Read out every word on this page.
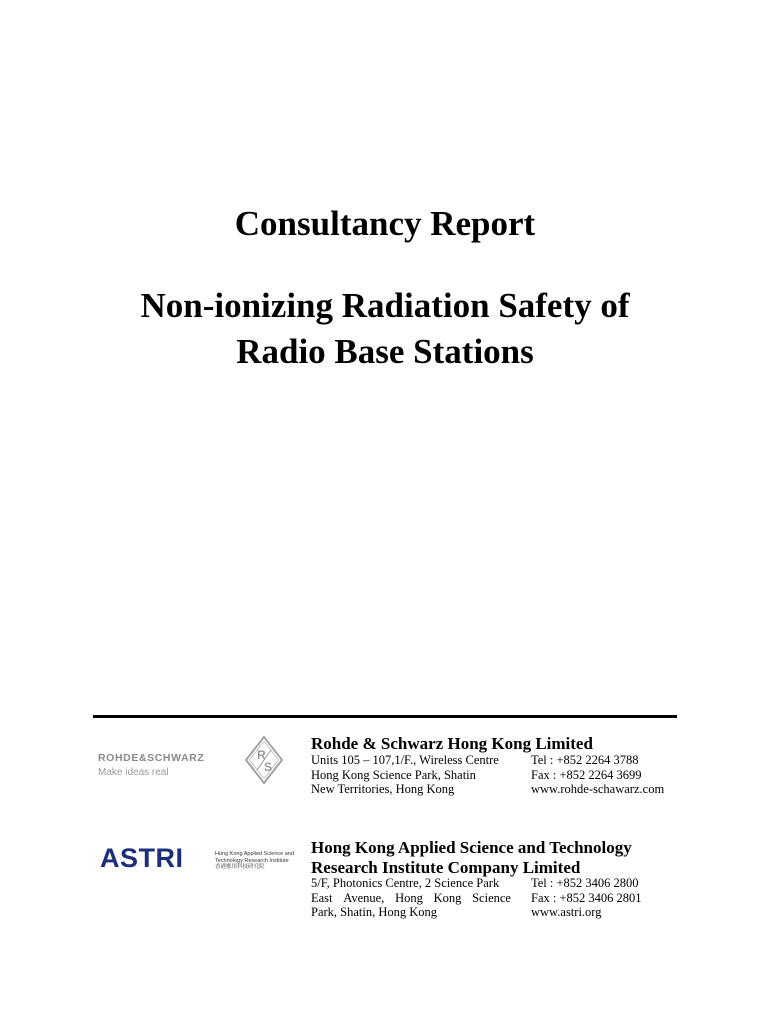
Consultancy Report
Non-ionizing Radiation Safety of
Radio Base Stations
ROHDE&SCHWARZ
Make ideas real
R
S
Rohde & Schwarz Hong Kong Limited
Units 105 – 107,1/F., Wireless Centre
Hong Kong Science Park, Shatin
New Territories, Hong Kong
Tel : +852 2264 3788
Fax : +852 2264 3699
www.rohde-schawarz.com
ASTRI	Hong Kong Applied Science and
Technology Research Institute
香港應用科技研究院
Hong Kong Applied Science and Technology
Research Institute Company Limited
5/F, Photonics Centre, 2 Science Park
East Avenue, Hong Kong Science
Park, Shatin, Hong Kong
Tel : +852 3406 2800
Fax : +852 3406 2801
www.astri.org
